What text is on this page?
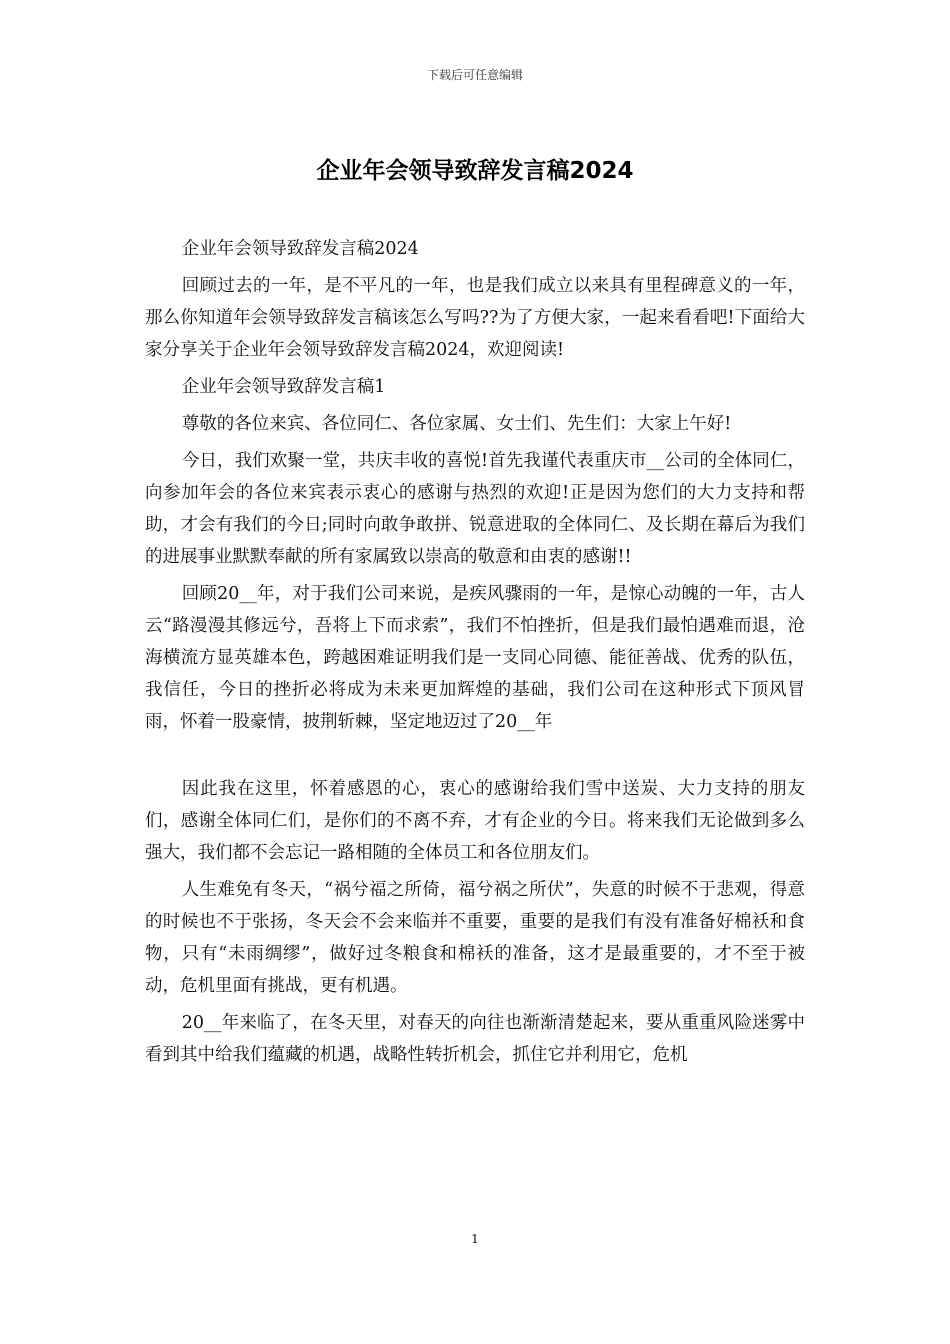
下载后可任意编辑
企业年会领导致辞发言稿2024

企业年会领导致辞发言稿2024

回顾过去的一年，是不平凡的一年，也是我们成立以来具有里程碑意义的一年，那么你知道年会领导致辞发言稿该怎么写吗??为了方便大家，一起来看看吧!下面给大家分享关于企业年会领导致辞发言稿2024，欢迎阅读!

企业年会领导致辞发言稿1

尊敬的各位来宾、各位同仁、各位家属、女士们、先生们：大家上午好!

今日，我们欢聚一堂，共庆丰收的喜悦!首先我谨代表重庆市__公司的全体同仁，向参加年会的各位来宾表示衷心的感谢与热烈的欢迎!正是因为您们的大力支持和帮助，才会有我们的今日;同时向敢争敢拼、锐意进取的全体同仁、及长期在幕后为我们的进展事业默默奉献的所有家属致以崇高的敬意和由衷的感谢!!

回顾20__年，对于我们公司来说，是疾风骤雨的一年，是惊心动魄的一年，古人云“路漫漫其修远兮，吾将上下而求索”，我们不怕挫折，但是我们最怕遇难而退，沧海横流方显英雄本色，跨越困难证明我们是一支同心同德、能征善战、优秀的队伍，我信任，今日的挫折必将成为未来更加辉煌的基础，我们公司在这种形式下顶风冒雨，怀着一股豪情，披荆斩棘，坚定地迈过了20__年

因此我在这里，怀着感恩的心，衷心的感谢给我们雪中送炭、大力支持的朋友们，感谢全体同仁们，是你们的不离不弃，才有企业的今日。将来我们无论做到多么强大，我们都不会忘记一路相随的全体员工和各位朋友们。

人生难免有冬天，“祸兮福之所倚，福兮祸之所伏”，失意的时候不于悲观，得意的时候也不于张扬，冬天会不会来临并不重要，重要的是我们有没有准备好棉袄和食物，只有“未雨绸缪”，做好过冬粮食和棉袄的准备，这才是最重要的，才不至于被动，危机里面有挑战，更有机遇。

20__年来临了，在冬天里，对春天的向往也渐渐清楚起来，要从重重风险迷雾中看到其中给我们蕴藏的机遇，战略性转折机会，抓住它并利用它，危机

1
